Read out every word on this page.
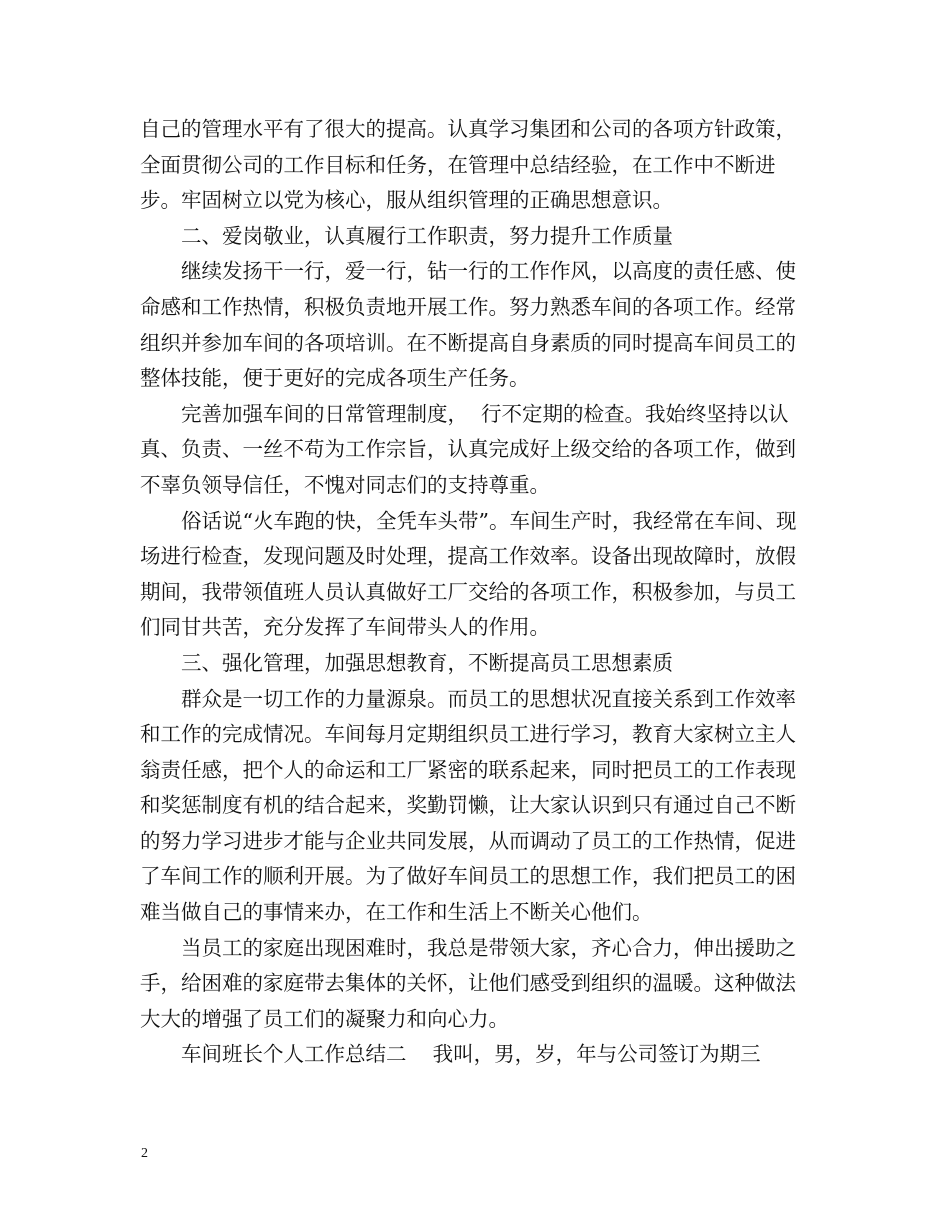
自己的管理水平有了很大的提高。认真学习集团和公司的各项方针政策，全面贯彻公司的工作目标和任务，在管理中总结经验，在工作中不断进步。牢固树立以党为核心，服从组织管理的正确思想意识。

二、爱岗敬业，认真履行工作职责，努力提升工作质量

继续发扬干一行，爱一行，钻一行的工作作风，以高度的责任感、使命感和工作热情，积极负责地开展工作。努力熟悉车间的各项工作。经常组织并参加车间的各项培训。在不断提高自身素质的同时提高车间员工的整体技能，便于更好的完成各项生产任务。

完善加强车间的日常管理制度，  行不定期的检查。我始终坚持以认真、负责、一丝不苟为工作宗旨，认真完成好上级交给的各项工作，做到不辜负领导信任，不愧对同志们的支持尊重。

俗话说“火车跑的快，全凭车头带”。车间生产时，我经常在车间、现场进行检查，发现问题及时处理，提高工作效率。设备出现故障时，放假期间，我带领值班人员认真做好工厂交给的各项工作，积极参加，与员工们同甘共苦，充分发挥了车间带头人的作用。

三、强化管理，加强思想教育，不断提高员工思想素质

群众是一切工作的力量源泉。而员工的思想状况直接关系到工作效率和工作的完成情况。车间每月定期组织员工进行学习，教育大家树立主人翁责任感，把个人的命运和工厂紧密的联系起来，同时把员工的工作表现和奖惩制度有机的结合起来，奖勤罚懒，让大家认识到只有通过自己不断的努力学习进步才能与企业共同发展，从而调动了员工的工作热情，促进了车间工作的顺利开展。为了做好车间员工的思想工作，我们把员工的困难当做自己的事情来办，在工作和生活上不断关心他们。

当员工的家庭出现困难时，我总是带领大家，齐心合力，伸出援助之手，给困难的家庭带去集体的关怀，让他们感受到组织的温暖。这种做法大大的增强了员工们的凝聚力和向心力。

车间班长个人工作总结二    我叫，男，岁，年与公司签订为期三

2
